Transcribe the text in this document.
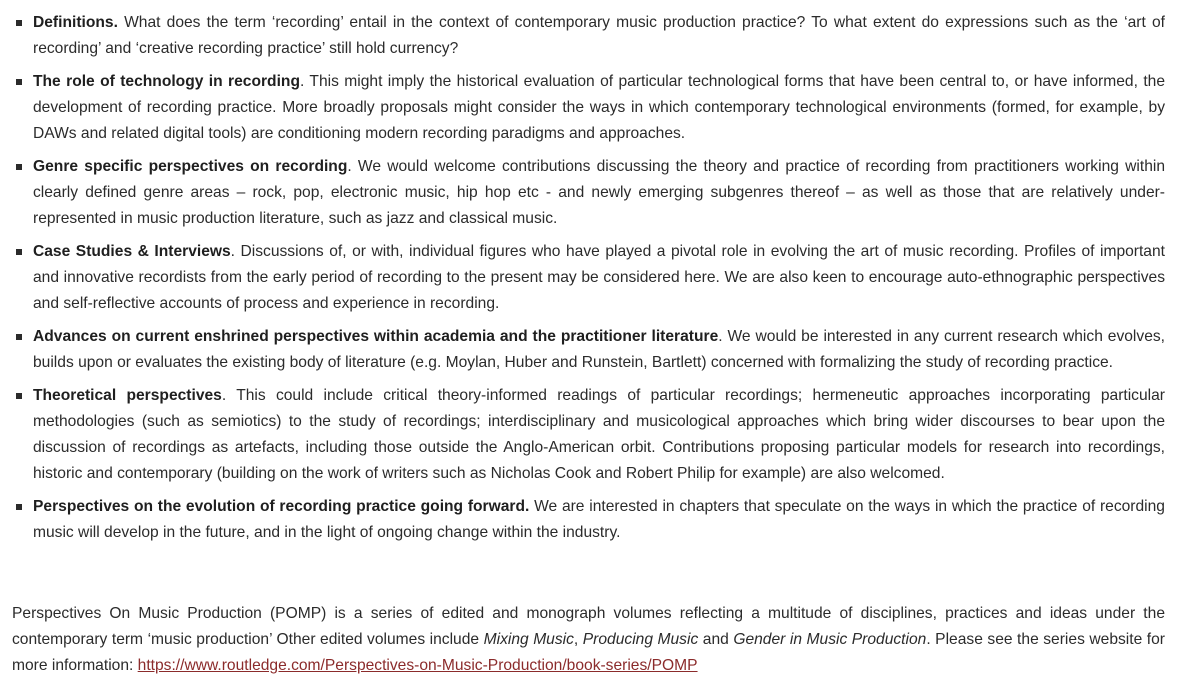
Definitions. What does the term ‘recording’ entail in the context of contemporary music production practice? To what extent do expressions such as the ‘art of recording’ and ‘creative recording practice’ still hold currency?
The role of technology in recording. This might imply the historical evaluation of particular technological forms that have been central to, or have informed, the development of recording practice. More broadly proposals might consider the ways in which contemporary technological environments (formed, for example, by DAWs and related digital tools) are conditioning modern recording paradigms and approaches.
Genre specific perspectives on recording. We would welcome contributions discussing the theory and practice of recording from practitioners working within clearly defined genre areas – rock, pop, electronic music, hip hop etc - and newly emerging subgenres thereof – as well as those that are relatively under-represented in music production literature, such as jazz and classical music.
Case Studies & Interviews. Discussions of, or with, individual figures who have played a pivotal role in evolving the art of music recording. Profiles of important and innovative recordists from the early period of recording to the present may be considered here. We are also keen to encourage auto-ethnographic perspectives and self-reflective accounts of process and experience in recording.
Advances on current enshrined perspectives within academia and the practitioner literature. We would be interested in any current research which evolves, builds upon or evaluates the existing body of literature (e.g. Moylan, Huber and Runstein, Bartlett) concerned with formalizing the study of recording practice.
Theoretical perspectives. This could include critical theory-informed readings of particular recordings; hermeneutic approaches incorporating particular methodologies (such as semiotics) to the study of recordings; interdisciplinary and musicological approaches which bring wider discourses to bear upon the discussion of recordings as artefacts, including those outside the Anglo-American orbit. Contributions proposing particular models for research into recordings, historic and contemporary (building on the work of writers such as Nicholas Cook and Robert Philip for example) are also welcomed.
Perspectives on the evolution of recording practice going forward. We are interested in chapters that speculate on the ways in which the practice of recording music will develop in the future, and in the light of ongoing change within the industry.

Perspectives On Music Production (POMP) is a series of edited and monograph volumes reflecting a multitude of disciplines, practices and ideas under the contemporary term ‘music production’ Other edited volumes include Mixing Music, Producing Music and Gender in Music Production. Please see the series website for more information: https://www.routledge.com/Perspectives-on-Music-Production/book-series/POMP
